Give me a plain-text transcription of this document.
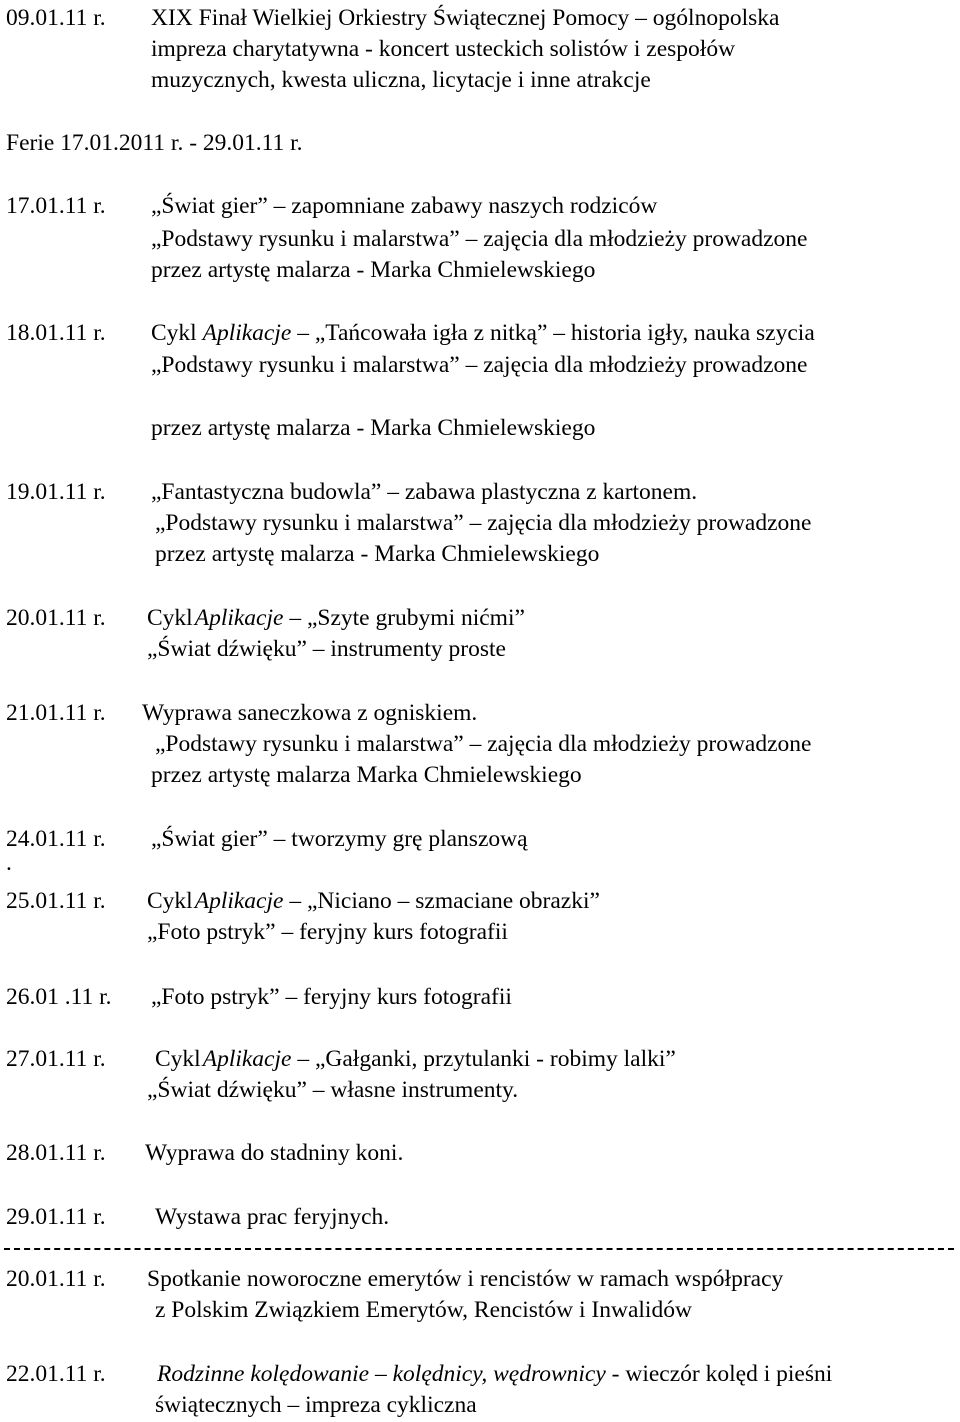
09.01.11 r. XIX Finał Wielkiej Orkiestry Świątecznej Pomocy – ogólnopolska
impreza charytatywna - koncert usteckich solistów i zespołów
muzycznych, kwesta uliczna, licytacje i inne atrakcje
Ferie 17.01.2011 r. - 29.01.11 r.
17.01.11 r. „Świat gier” – zapomniane zabawy naszych rodziców
„Podstawy rysunku i malarstwa” – zajęcia dla młodzieży prowadzone
przez artystę malarza - Marka Chmielewskiego
18.01.11 r. Cykl Aplikacje – „Tańcowała igła z nitką” – historia igły, nauka szycia
„Podstawy rysunku i malarstwa” – zajęcia dla młodzieży prowadzone
przez artystę malarza - Marka Chmielewskiego
19.01.11 r. „Fantastyczna budowla” – zabawa plastyczna z kartonem.
„Podstawy rysunku i malarstwa” – zajęcia dla młodzieży prowadzone
przez artystę malarza - Marka Chmielewskiego
20.01.11 r. CyklAplikacje – „Szyte grubymi nićmi”
„Świat dźwięku” – instrumenty proste
21.01.11 r. Wyprawa saneczkowa z ogniskiem.
„Podstawy rysunku i malarstwa” – zajęcia dla młodzieży prowadzone
przez artystę malarza Marka Chmielewskiego
24.01.11 r. „Świat gier” – tworzymy grę planszową
.
25.01.11 r. CyklAplikacje – „Niciano – szmaciane obrazki”
„Foto pstryk” – feryjny kurs fotografii
26.01 .11 r. „Foto pstryk” – feryjny kurs fotografii
27.01.11 r. CyklAplikacje – „Gałganki, przytulanki - robimy lalki”
„Świat dźwięku” – własne instrumenty.
28.01.11 r. Wyprawa do stadniny koni.
29.01.11 r. Wystawa prac feryjnych.
20.01.11 r. Spotkanie noworoczne emerytów i rencistów w ramach współpracy
z Polskim Związkiem Emerytów, Rencistów i Inwalidów
22.01.11 r. Rodzinne kolędowanie – kolędnicy, wędrownicy - wieczór kolęd i pieśni
świątecznych – impreza cykliczna
